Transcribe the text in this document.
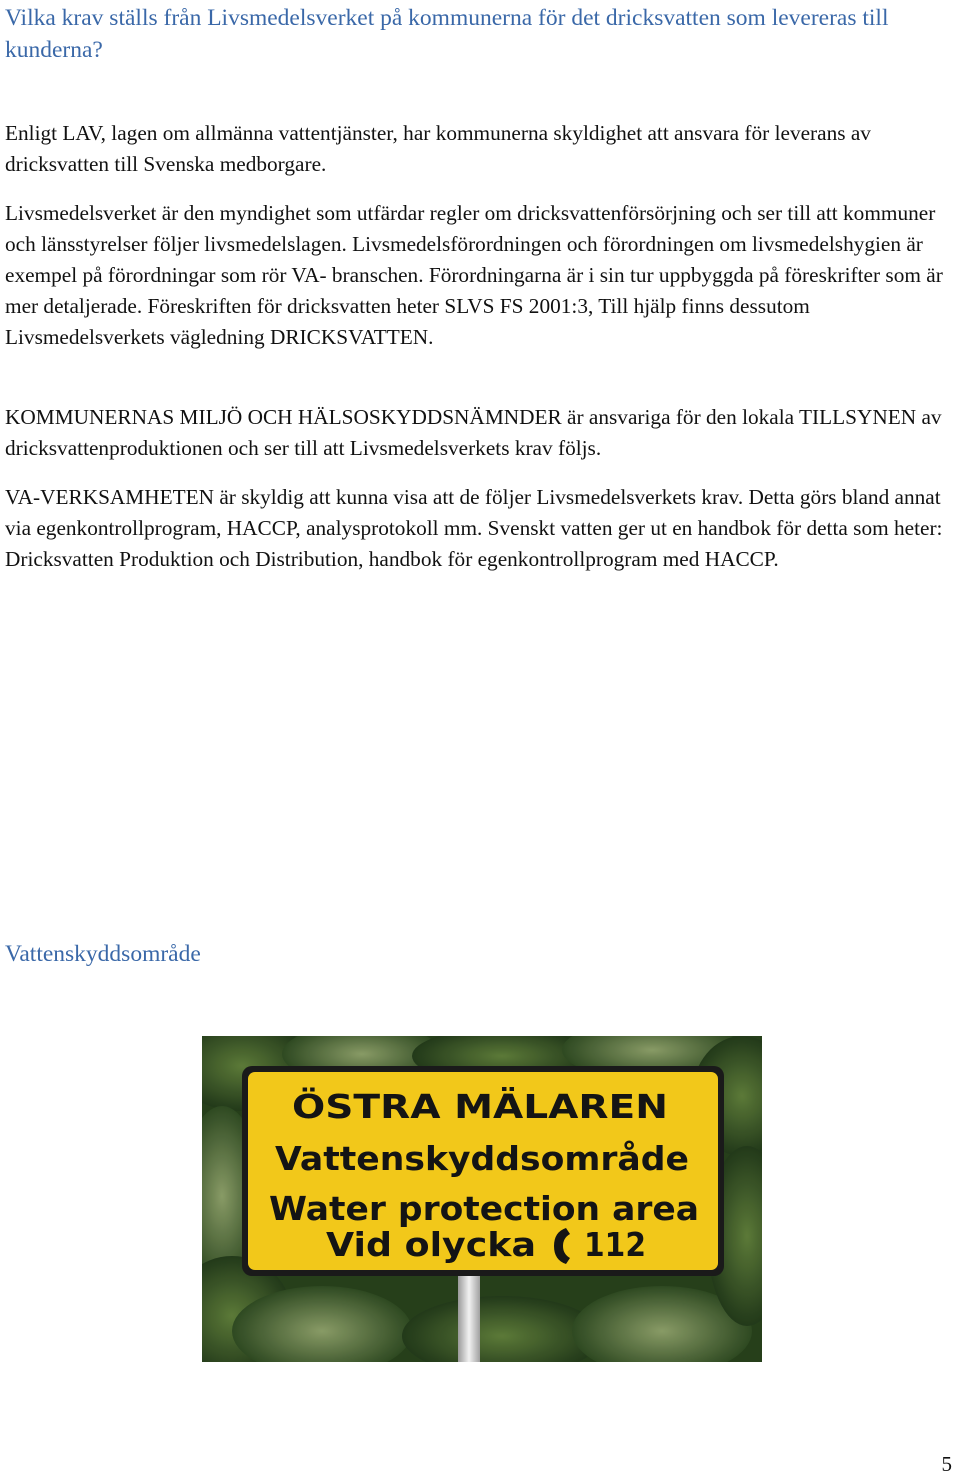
Vilka krav ställs från Livsmedelsverket på kommunerna för det dricksvatten som levereras till kunderna?

Enligt LAV, lagen om allmänna vattentjänster, har kommunerna skyldighet att ansvara för leverans av dricksvatten till Svenska medborgare.

Livsmedelsverket är den myndighet som utfärdar regler om dricksvattenförsörjning och ser till att kommuner och länsstyrelser följer livsmedelslagen. Livsmedelsförordningen och förordningen om livsmedelshygien är exempel på förordningar som rör VA- branschen. Förordningarna är i sin tur uppbyggda på föreskrifter som är mer detaljerade. Föreskriften för dricksvatten heter SLVS FS 2001:3, Till hjälp finns dessutom Livsmedelsverkets vägledning DRICKSVATTEN.

KOMMUNERNAS MILJÖ OCH HÄLSOSKYDDSNÄMNDER är ansvariga för den lokala TILLSYNEN av dricksvattenproduktionen och ser till att Livsmedelsverkets krav följs.

VA-VERKSAMHETEN är skyldig att kunna visa att de följer Livsmedelsverkets krav. Detta görs bland annat via egenkontrollprogram, HACCP, analysprotokoll mm. Svenskt vatten ger ut en handbok för detta som heter: Dricksvatten Produktion och Distribution, handbok för egenkontrollprogram med HACCP.

Vattenskyddsområde
ÖSTRA MÄLAREN
Vattenskyddsområde
Water protection area
Vid olycka 112
5
